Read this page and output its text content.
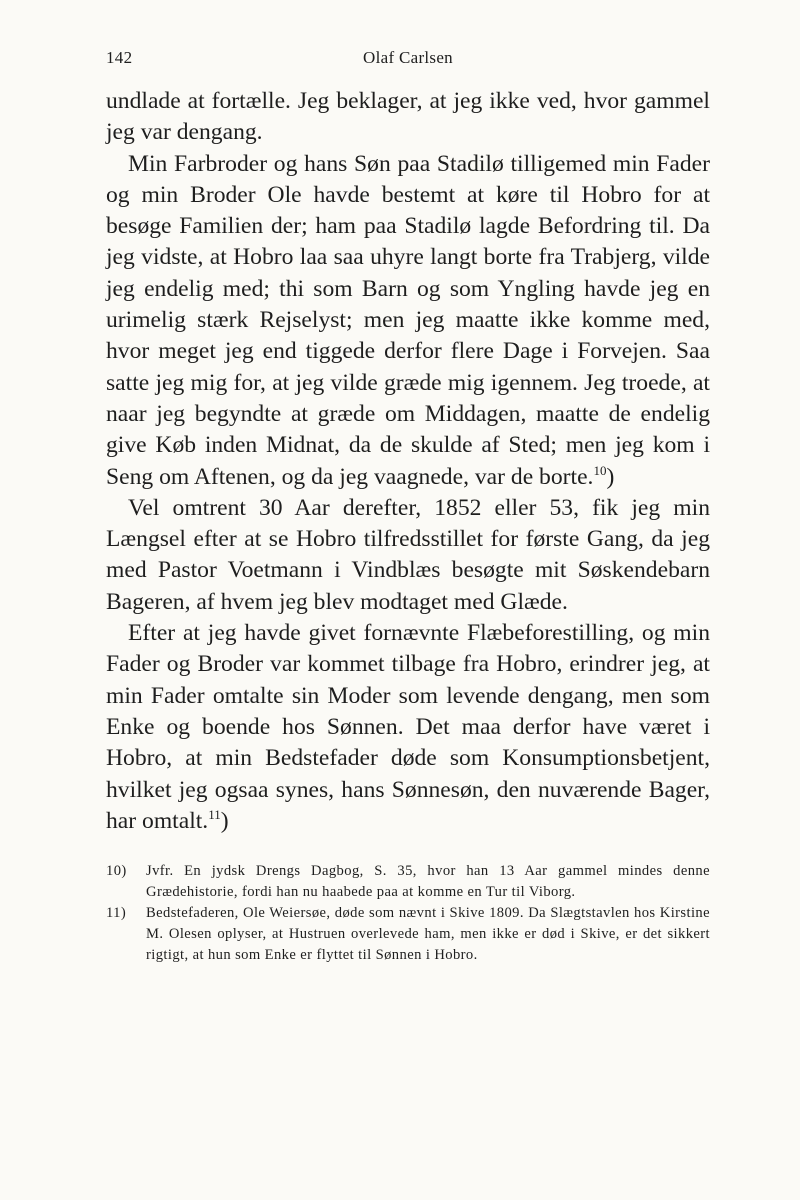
142	Olaf Carlsen

undlade at fortælle. Jeg beklager, at jeg ikke ved, hvor gammel jeg var dengang.

Min Farbroder og hans Søn paa Stadilø tilligemed min Fader og min Broder Ole havde bestemt at køre til Hobro for at besøge Familien der; ham paa Stadilø lagde Befordring til. Da jeg vidste, at Hobro laa saa uhyre langt borte fra Trabjerg, vilde jeg endelig med; thi som Barn og som Yngling havde jeg en urimelig stærk Rejselyst; men jeg maatte ikke komme med, hvor meget jeg end tiggede derfor flere Dage i Forvejen. Saa satte jeg mig for, at jeg vilde græde mig igennem. Jeg troede, at naar jeg begyndte at græde om Middagen, maatte de endelig give Køb inden Midnat, da de skulde af Sted; men jeg kom i Seng om Aftenen, og da jeg vaagnede, var de borte.$^{10}$)

Vel omtrent 30 Aar derefter, 1852 eller 53, fik jeg min Længsel efter at se Hobro tilfredsstillet for første Gang, da jeg med Pastor Voetmann i Vindblæs besøgte mit Søskendebarn Bageren, af hvem jeg blev modtaget med Glæde.

Efter at jeg havde givet fornævnte Flæbeforestilling, og min Fader og Broder var kommet tilbage fra Hobro, erindrer jeg, at min Fader omtalte sin Moder som levende dengang, men som Enke og boende hos Sønnen. Det maa derfor have været i Hobro, at min Bedstefader døde som Konsumptionsbetjent, hvilket jeg ogsaa synes, hans Sønnesøn, den nuværende Bager, har omtalt.$^{11}$)

10) Jvfr. En jydsk Drengs Dagbog, S. 35, hvor han 13 Aar gammel mindes denne Grædehistorie, fordi han nu haabede paa at komme en Tur til Viborg.
11) Bedstefaderen, Ole Weiersøe, døde som nævnt i Skive 1809. Da Slægtstavlen hos Kirstine M. Olesen oplyser, at Hustruen overlevede ham, men ikke er død i Skive, er det sikkert rigtigt, at hun som Enke er flyttet til Sønnen i Hobro.
